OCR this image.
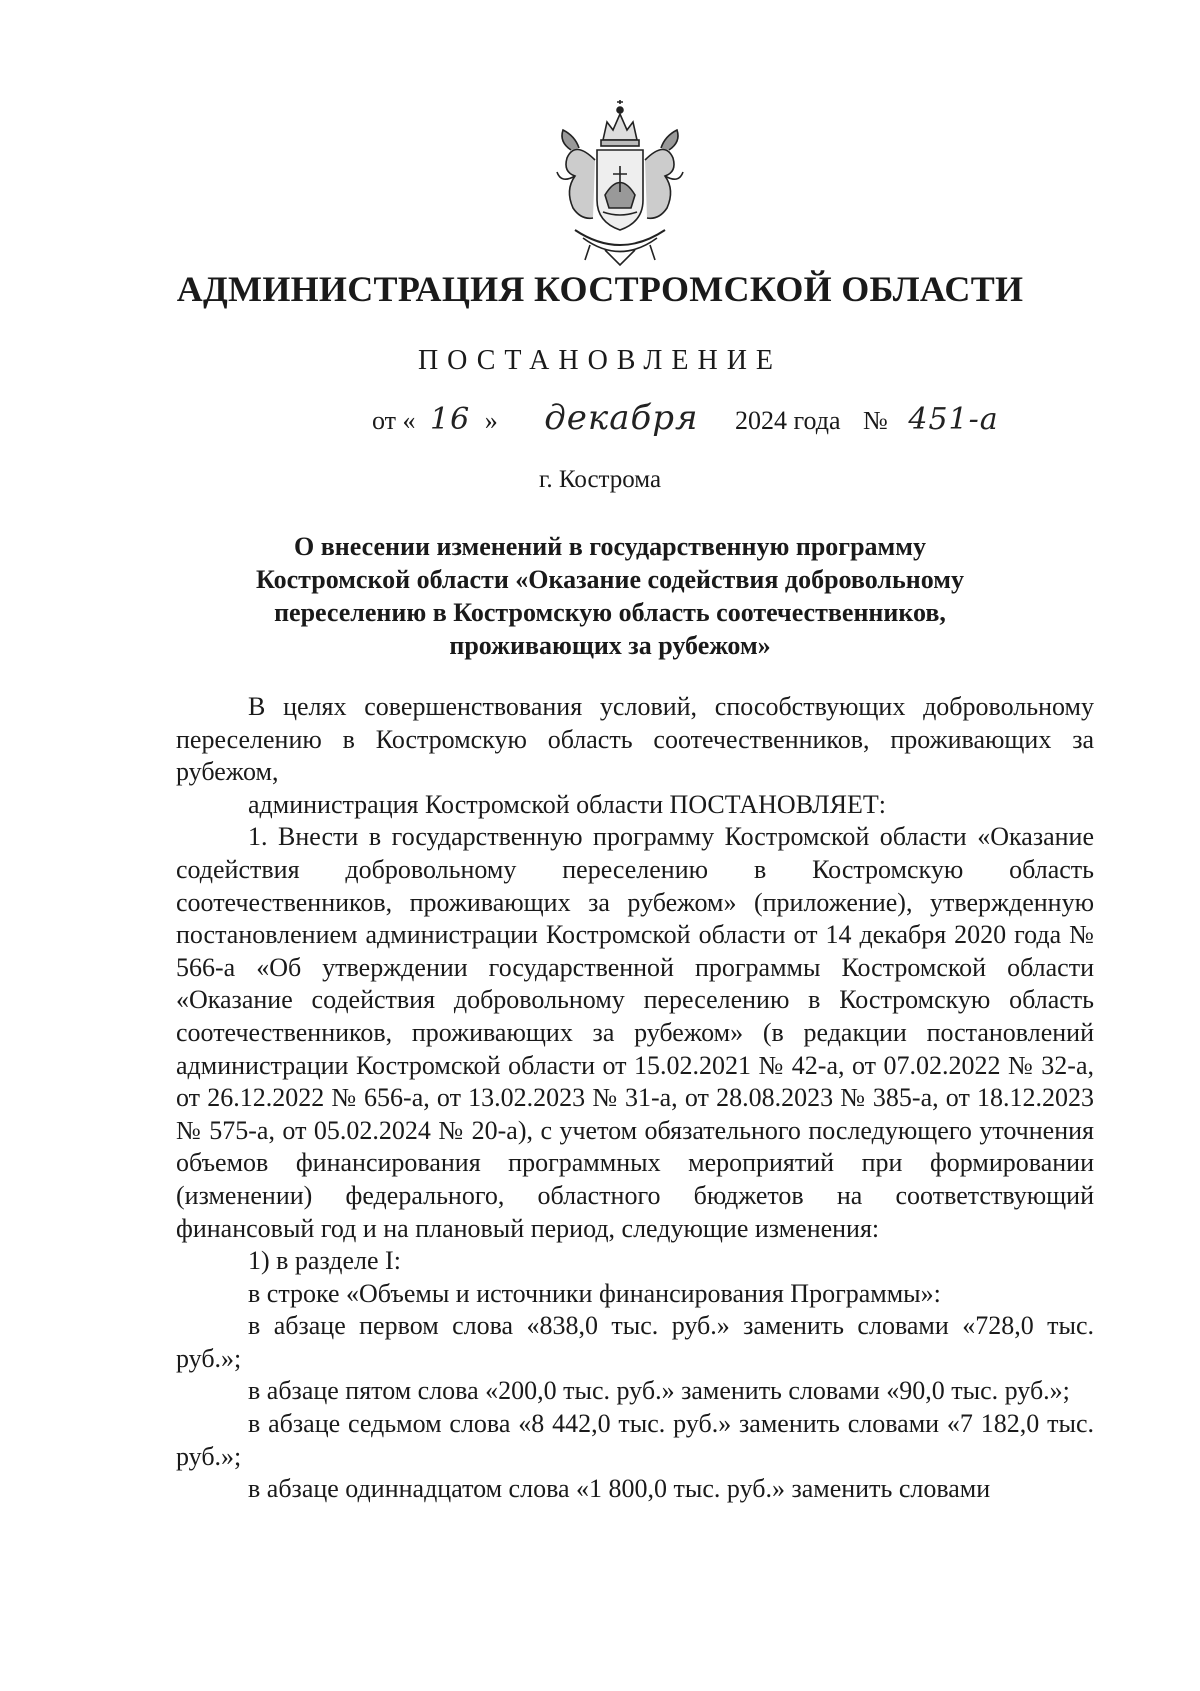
АДМИНИСТРАЦИЯ КОСТРОМСКОЙ ОБЛАСТИ
ПОСТАНОВЛЕНИЕ
от « 16 » декабря 2024 года № 451-а
г. Кострома
О внесении изменений в государственную программу
Костромской области «Оказание содействия добровольному
переселению в Костромскую область соотечественников,
проживающих за рубежом»

В целях совершенствования условий, способствующих добровольному переселению в Костромскую область соотечественников, проживающих за рубежом,

администрация Костромской области ПОСТАНОВЛЯЕТ:

1. Внести в государственную программу Костромской области «Оказание содействия добровольному переселению в Костромскую область соотечественников, проживающих за рубежом» (приложение), утвержденную постановлением администрации Костромской области от 14 декабря 2020 года № 566-а «Об утверждении государственной программы Костромской области «Оказание содействия добровольному переселению в Костромскую область соотечественников, проживающих за рубежом» (в редакции постановлений администрации Костромской области от 15.02.2021 № 42-а, от 07.02.2022 № 32-а, от 26.12.2022 № 656-а, от 13.02.2023 № 31-а, от 28.08.2023 № 385-а, от 18.12.2023 № 575-а, от 05.02.2024 № 20-а), с учетом обязательного последующего уточнения объемов финансирования программных мероприятий при формировании (изменении) федерального, областного бюджетов на соответствующий финансовый год и на плановый период, следующие изменения:

1) в разделе I:

в строке «Объемы и источники финансирования Программы»:

в абзаце первом слова «838,0 тыс. руб.» заменить словами «728,0 тыс. руб.»;

в абзаце пятом слова «200,0 тыс. руб.» заменить словами «90,0 тыс. руб.»;

в абзаце седьмом слова «8 442,0 тыс. руб.» заменить словами «7 182,0 тыс. руб.»;

в абзаце одиннадцатом слова «1 800,0 тыс. руб.» заменить словами
